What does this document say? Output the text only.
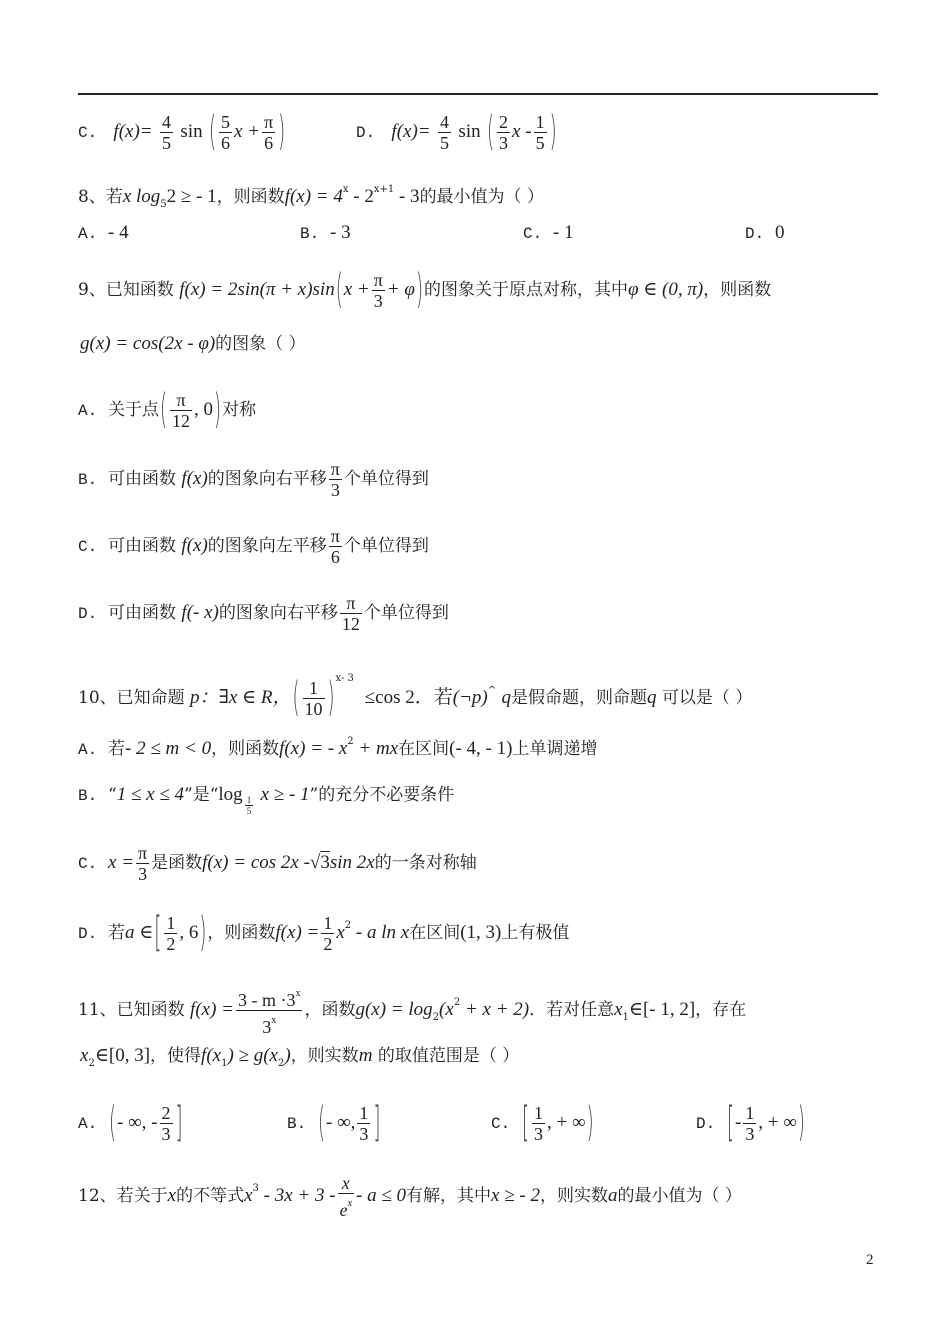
C. $f(x)= \frac{4}{5}$ sin ( $\frac{5}{6}$ $x + \frac{\pi}{6}$ )	D. $f(x)= \frac{4}{5}$ sin ( $\frac{2}{3}$ x - $\frac{1}{5}$ )
8、若x $\log_52$ ≥ - 1，则函数$f(x) = 4^x - 2^{x+1} - 3$的最小值为（ ）
A. - 4	B. - 3	C. - 1	D. 0
9、已知函数 $f(x) = 2\sin(\pi + x)\sin(x + \frac{\pi}{3} + \varphi)$的图象关于原点对称，其中φ ∈ (0, π)，则函数
g(x) = cos(2x - φ)的图象（ ）
A. 关于点( $\frac{\pi}{12}$ , 0)对称
B. 可由函数 f(x)的图象向右平移 $\frac{\pi}{3}$ 个单位得到
C. 可由函数 f(x)的图象向左平移 $\frac{\pi}{6}$ 个单位得到
D. 可由函数 f(- x)的图象向右平移 $\frac{\pi}{12}$ 个单位得到
10、已知命题 p：∃x ∈ R，( $\frac{1}{10} )^{x- 3} \le\cos$ 2．若(¬p)^ q是假命题，则命题q 可以是（ ）
A. 若- 2 ≤ m < 0，则函数f(x) = - $x^2$ + mx在区间(- 4, - 1)上单调递增
B. “1 ≤ x ≤ 4”是“log
$\frac{1}{5}$
x ≥ - 1”的充分不必要条件
C. $x = \frac{\pi}{3}$ 是函数f(x) = cos 2x -√3sin 2x的一条对称轴
D. 若a ∈[ $\frac{1}{2}$ , 6)，则函数$f(x) = \frac{1}{2} x^2 - a$ ln x在区间(1, 3)上有极值
11、已知函数 $f(x) = \frac{3 - m \cdot 3^x}{3^x}$ ，函数$g(x) = \log_2(x^2 + x + 2)$．若对任意$x_1\in[-$ 1, 2]，存在
$x_2\in[0$, 3]，使得$f(x_1) \ge g(x_2)$，则实数m 的取值范围是（ ）
A. (- ∞, - $\frac{2}{3}$ ]	B. (- ∞, $\frac{1}{3}$ ]	C. [ $\frac{1}{3}$ , + ∞)	D. [- $\frac{1}{3}$ , + ∞)
12、若关于x的不等式$x^3 - 3x + 3 - \frac{x}{e^x} - a \le 0$有解，其中x ≥ - 2，则实数a的最小值为（ ）
2
